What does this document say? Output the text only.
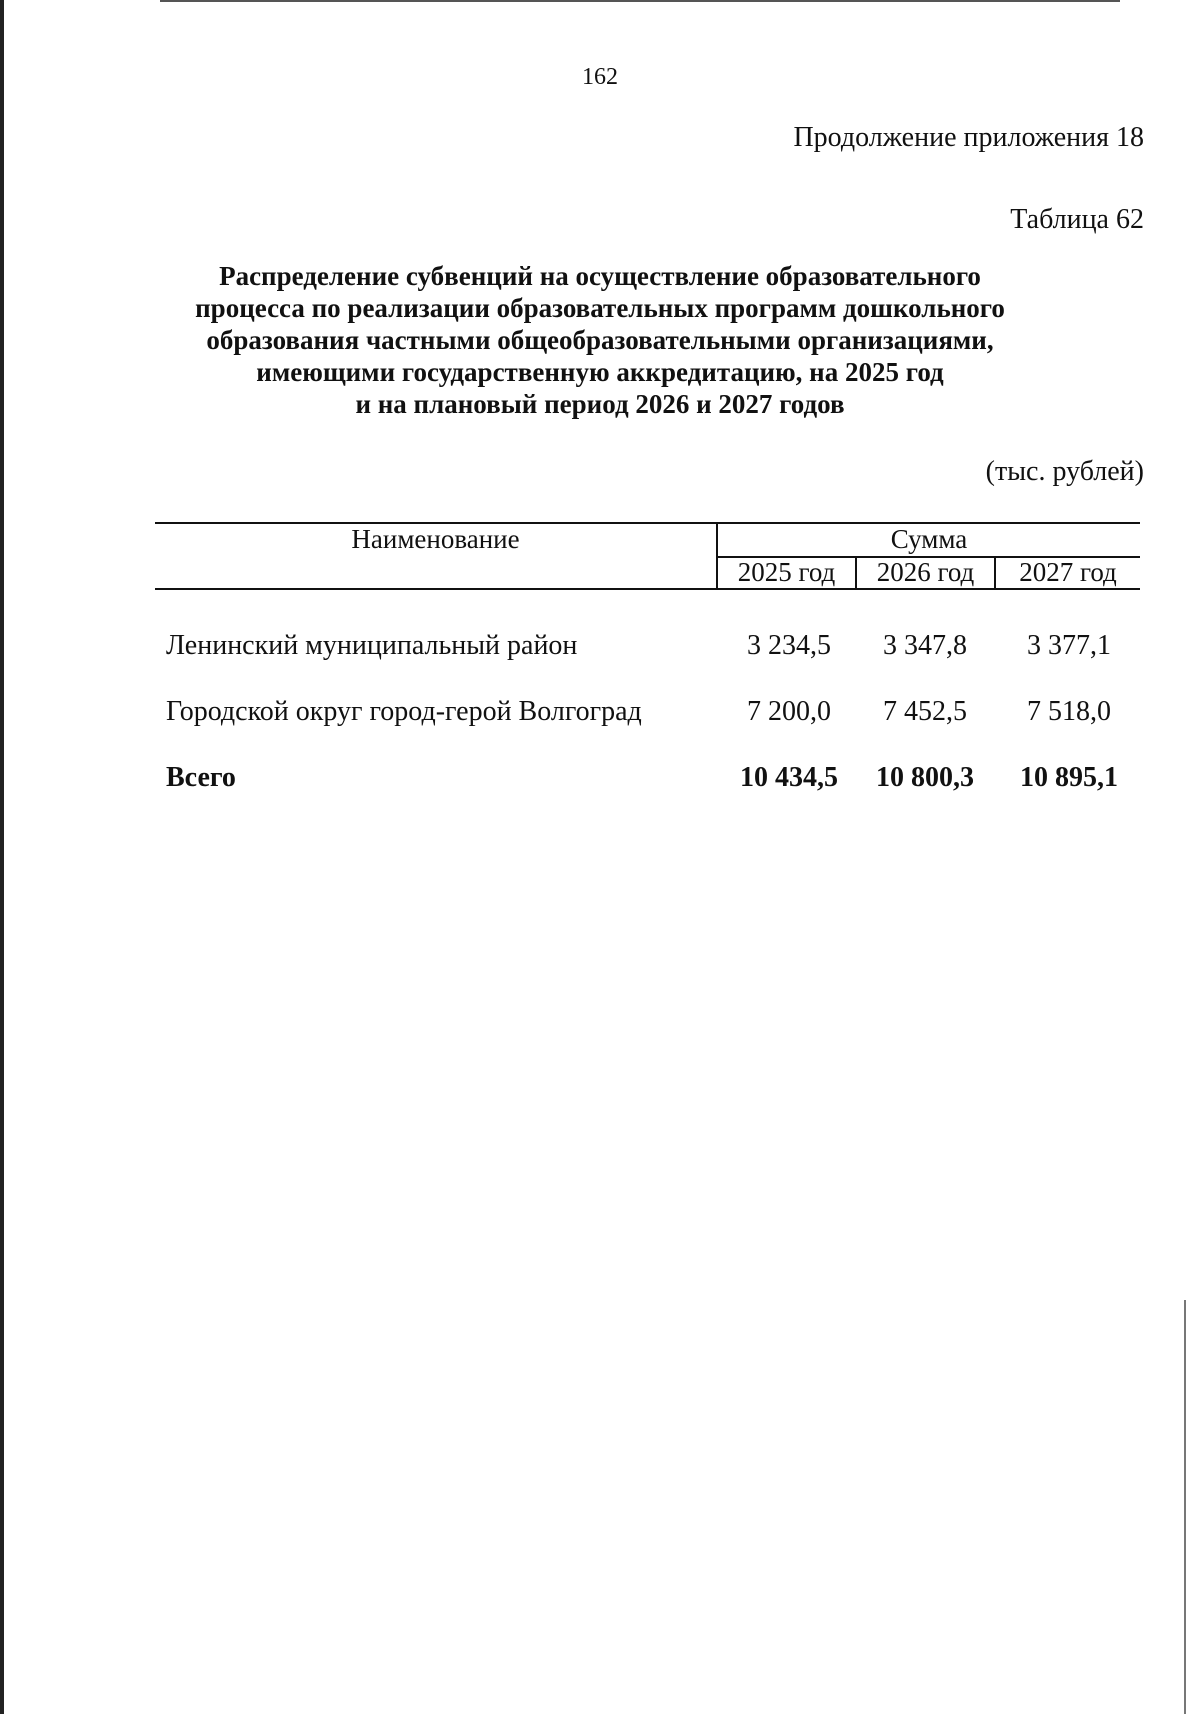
162
Продолжение приложения 18
Таблица 62
Распределение субвенций на осуществление образовательного
процесса по реализации образовательных программ дошкольного
образования частными общеобразовательными организациями,
имеющими государственную аккредитацию, на 2025 год
и на плановый период 2026 и 2027 годов
(тыс. рублей)
Наименование	Сумма
2025 год	2026 год	2027 год
Ленинский муниципальный район	3 234,5	3 347,8	3 377,1
Городской округ город-герой Волгоград	7 200,0	7 452,5	7 518,0
Всего	10 434,5	10 800,3	10 895,1
